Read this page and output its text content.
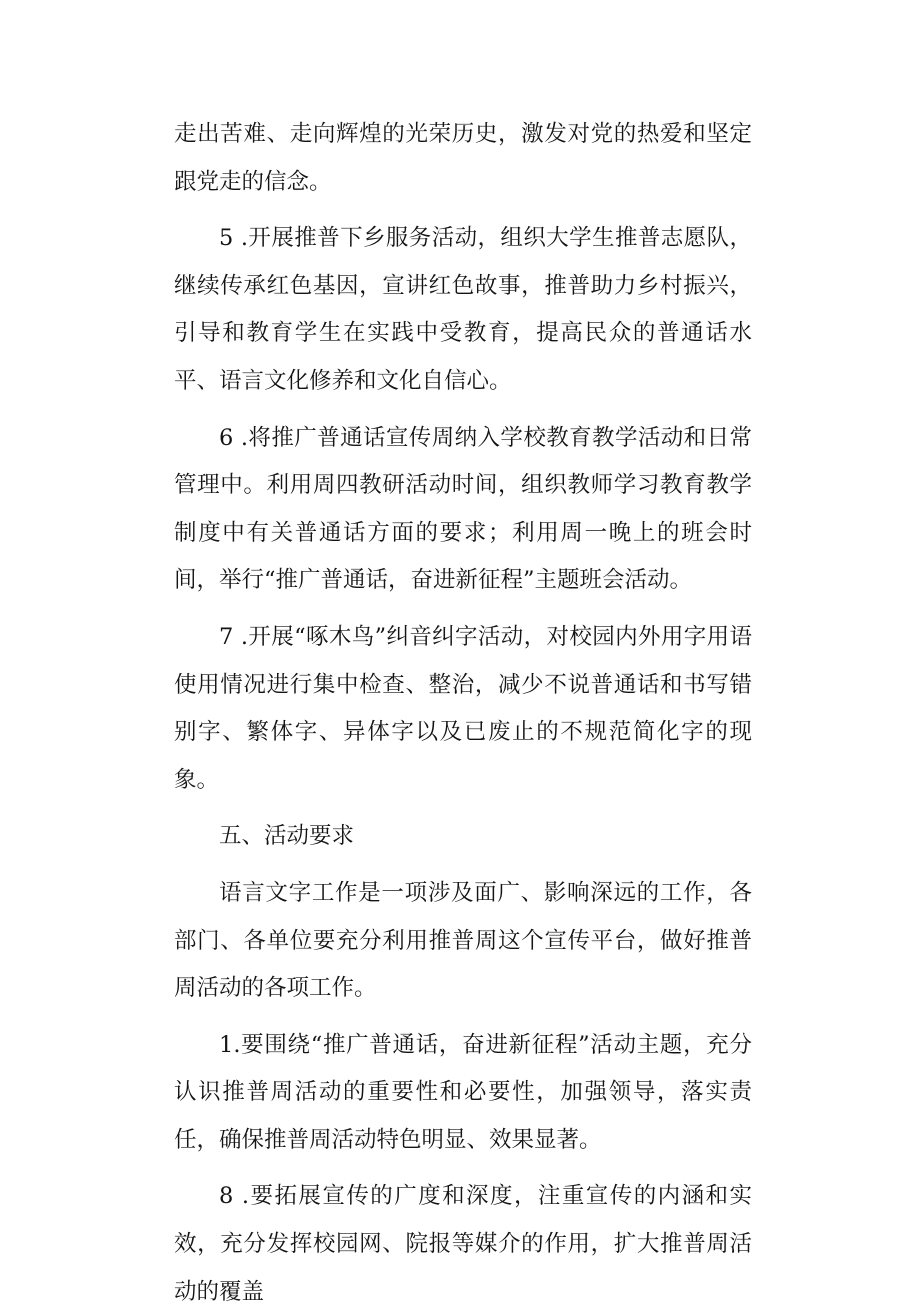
走出苦难、走向辉煌的光荣历史，激发对党的热爱和坚定跟党走的信念。

5 .开展推普下乡服务活动，组织大学生推普志愿队，继续传承红色基因，宣讲红色故事，推普助力乡村振兴，引导和教育学生在实践中受教育，提高民众的普通话水平、语言文化修养和文化自信心。

6 .将推广普通话宣传周纳入学校教育教学活动和日常管理中。利用周四教研活动时间，组织教师学习教育教学制度中有关普通话方面的要求；利用周一晚上的班会时间，举行“推广普通话，奋进新征程”主题班会活动。

7 .开展“啄木鸟”纠音纠字活动，对校园内外用字用语使用情况进行集中检查、整治，减少不说普通话和书写错别字、繁体字、异体字以及已废止的不规范简化字的现象。

五、活动要求

语言文字工作是一项涉及面广、影响深远的工作，各部门、各单位要充分利用推普周这个宣传平台，做好推普周活动的各项工作。

1.要围绕“推广普通话，奋进新征程”活动主题，充分认识推普周活动的重要性和必要性，加强领导，落实责任，确保推普周活动特色明显、效果显著。

8 .要拓展宣传的广度和深度，注重宣传的内涵和实效，充分发挥校园网、院报等媒介的作用，扩大推普周活动的覆盖
